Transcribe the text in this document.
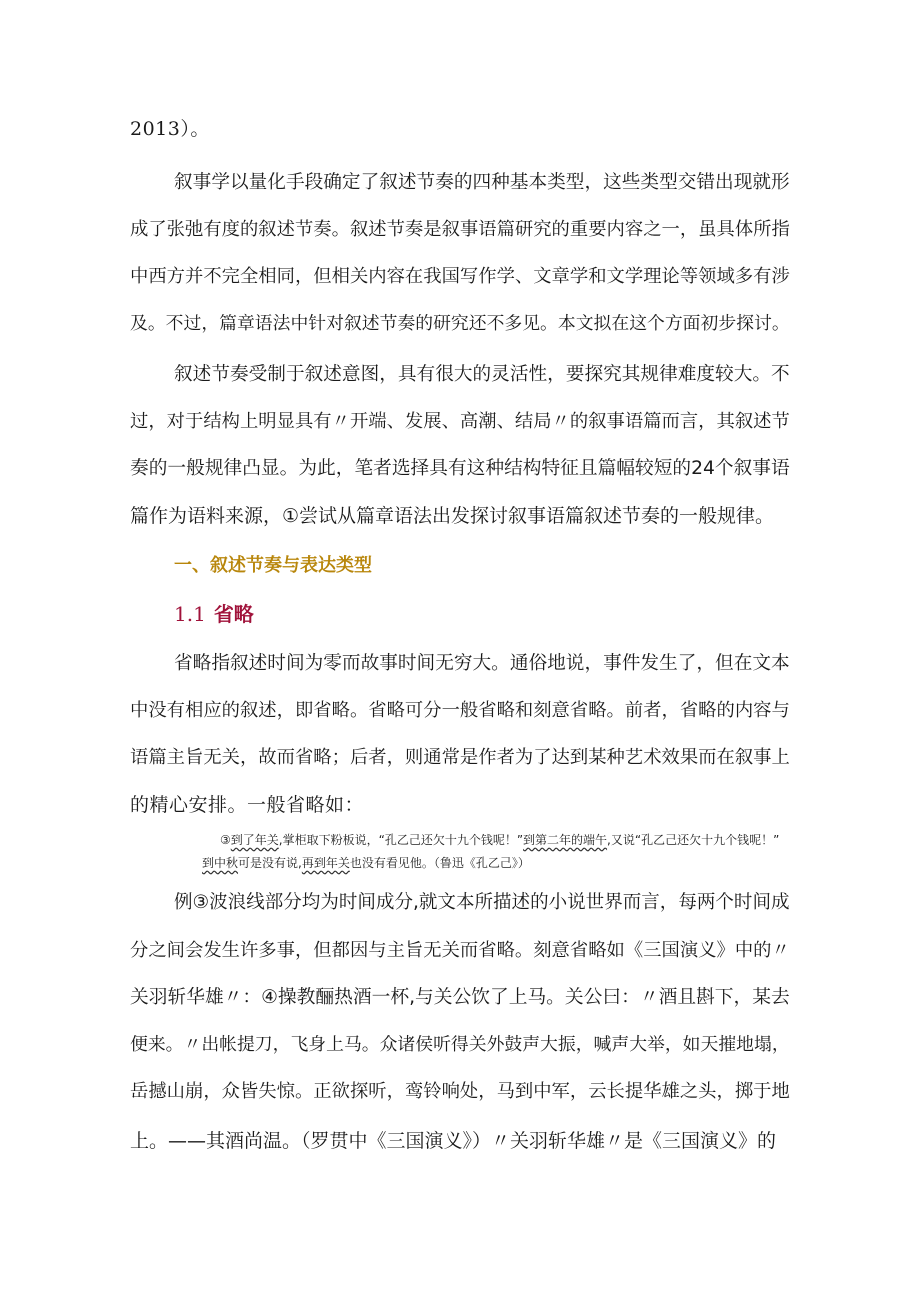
2013）。
叙事学以量化手段确定了叙述节奏的四种基本类型，这些类型交错出现就形
成了张弛有度的叙述节奏。叙述节奏是叙事语篇研究的重要内容之一，虽具体所指
中西方并不完全相同，但相关内容在我国写作学、文章学和文学理论等领域多有涉
及。不过，篇章语法中针对叙述节奏的研究还不多见。本文拟在这个方面初步探讨。
叙述节奏受制于叙述意图，具有很大的灵活性，要探究其规律难度较大。不
过，对于结构上明显具有〃开端、发展、高潮、结局〃的叙事语篇而言，其叙述节
奏的一般规律凸显。为此，笔者选择具有这种结构特征且篇幅较短的24个叙事语
篇作为语料来源，①尝试从篇章语法出发探讨叙事语篇叙述节奏的一般规律。
一、叙述节奏与表达类型
1.1 省略
省略指叙述时间为零而故事时间无穷大。通俗地说，事件发生了，但在文本
中没有相应的叙述，即省略。省略可分一般省略和刻意省略。前者，省略的内容与
语篇主旨无关，故而省略；后者，则通常是作者为了达到某种艺术效果而在叙事上
的精心安排。一般省略如：
③到了年关,掌柜取下粉板说，“孔乙己还欠十九个钱呢！”到第二年的端午,又说“孔乙己还欠十九个钱呢！”
到中秋可是没有说,再到年关也没有看见他。（鲁迅《孔乙己》）
例③波浪线部分均为时间成分,就文本所描述的小说世界而言，每两个时间成
分之间会发生许多事，但都因与主旨无关而省略。刻意省略如《三国演义》中的〃
关羽斩华雄〃：④操教酾热酒一杯,与关公饮了上马。关公曰：〃酒且斟下，某去
便来。〃出帐提刀，飞身上马。众诸侯听得关外鼓声大振，喊声大举，如天摧地塌，
岳撼山崩，众皆失惊。正欲探听，鸾铃响处，马到中军，云长提华雄之头，掷于地
上。——其酒尚温。（罗贯中《三国演义》）〃关羽斩华雄〃是《三国演义》的
